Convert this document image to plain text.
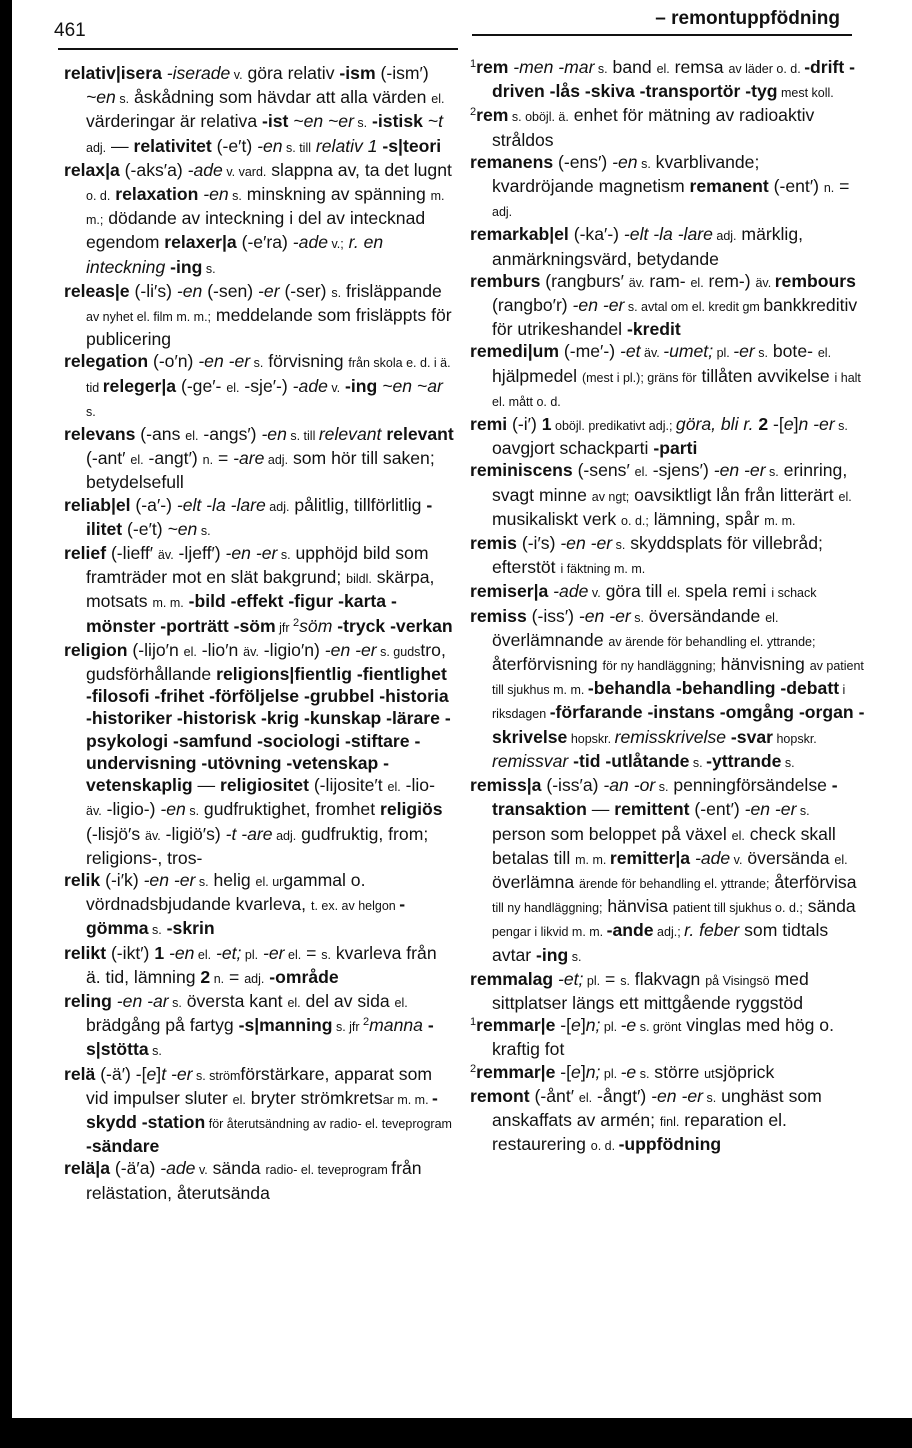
461
– remontuppfödning
relativ|isera -iserade v. göra relativ -ism (-ism′) ~en s. åskådning som hävdar att alla värden el. värderingar är relativa -ist ~en ~er s. -istisk ~t adj. — relativitet (-e′t) -en s. till relativ 1 -s|teori
relax|a (-aks′a) -ade v. vard. slappna av, ta det lugnt o. d. relaxation -en s. minskning av spänning m. m.; dödande av inteckning i del av intecknad egendom relaxer|a (-e′ra) -ade v.; r. en inteckning -ing s.
releas|e (-li′s) -en (-sen) -er (-ser) s. frisläppande av nyhet el. film m. m.; meddelande som frisläppts för publicering
relegation (-o′n) -en -er s. förvisning från skola e. d. i ä. tid releger|a (-ge′- el. -sje′-) -ade v. -ing ~en ~ar s.
relevans (-ans el. -angs′) -en s. till relevant relevant (-ant′ el. -angt′) n. = -are adj. som hör till saken; betydelsefull
reliab|el (-a′-) -elt -la -lare adj. pålitlig, tillförlitlig -ilitet (-e′t) ~en s.
relief (-lieff′ äv. -ljeff′) -en -er s. upphöjd bild som framträder mot en slät bakgrund; bildl. skärpa, motsats m. m. -bild -effekt -figur -karta -mönster -porträtt -söm jfr $^2$söm -tryck -verkan
religion (-lijo′n el. -lio′n äv. -ligio′n) -en -er s. gudstro, gudsförhållande religions|fientlig -fientlighet -filosofi -frihet -förföljelse -grubbel -historia -historiker -historisk -krig -kunskap -lärare -psykologi -samfund -sociologi -stiftare -undervisning -utövning -vetenskap -vetenskaplig — religiositet (-lijosite′t el. -lio- äv. -ligio-) -en s. gudfruktighet, fromhet religiös (-lisjö′s äv. -ligiö′s) -t -are adj. gudfruktig, from; religions-, tros-
relik (-i′k) -en -er s. helig el. urgammal o. vördnadsbjudande kvarleva, t. ex. av helgon -gömma s. -skrin
relikt (-ikt′) 1 -en el. -et; pl. -er el. = s. kvarleva från ä. tid, lämning 2 n. = adj. -område
reling -en -ar s. översta kant el. del av sida el. brädgång på fartyg -s|manning s. jfr $^2$manna -s|stötta s.
relä (-ä′) -[e]t -er s. strömförstärkare, apparat som vid impulser sluter el. bryter strömkretsar m. m. -skydd -station för återutsändning av radio- el. teveprogram -sändare
relä|a (-ä′a) -ade v. sända radio- el. teveprogram från relästation, återutsända
$^1$rem -men -mar s. band el. remsa av läder o. d. -drift -driven -lås -skiva -transportör -tyg mest koll.
$^2$rem s. oböjl. ä. enhet för mätning av radioaktiv stråldos
remanens (-ens′) -en s. kvarblivande; kvardröjande magnetism remanent (-ent′) n. = adj.
remarkab|el (-ka′-) -elt -la -lare adj. märklig, anmärkningsvärd, betydande
remburs (rangburs′ äv. ram- el. rem-) äv. rembours (rangbo′r) -en -er s. avtal om el. kredit gm bankkreditiv för utrikeshandel -kredit
remedi|um (-me′-) -et äv. -umet; pl. -er s. bote- el. hjälpmedel (mest i pl.); gräns för tillåten avvikelse i halt el. mått o. d.
remi (-i′) 1 oböjl. predikativt adj.; göra, bli r. 2 -[e]n -er s. oavgjort schackparti -parti
reminiscens (-sens′ el. -sjens′) -en -er s. erinring, svagt minne av ngt; oavsiktligt lån från litterärt el. musikaliskt verk o. d.; lämning, spår m. m.
remis (-i′s) -en -er s. skyddsplats för villebråd; efterstöt i fäktning m. m.
remiser|a -ade v. göra till el. spela remi i schack
remiss (-iss′) -en -er s. översändande el. överlämnande av ärende för behandling el. yttrande; återförvisning för ny handläggning; hänvisning av patient till sjukhus m. m. -behandla -behandling -debatt i riksdagen -förfarande -instans -omgång -organ -skrivelse hopskr. remisskrivelse -svar hopskr. remissvar -tid -utlåtande s. -yttrande s.
remiss|a (-iss′a) -an -or s. penningförsändelse -transaktion — remittent (-ent′) -en -er s. person som beloppet på växel el. check skall betalas till m. m. remitter|a -ade v. översända el. överlämna ärende för behandling el. yttrande; återförvisa till ny handläggning; hänvisa patient till sjukhus o. d.; sända pengar i likvid m. m. -ande adj.; r. feber som tidtals avtar -ing s.
remmalag -et; pl. = s. flakvagn på Visingsö med sittplatser längs ett mittgående ryggstöd
$^1$remmar|e -[e]n; pl. -e s. grönt vinglas med hög o. kraftig fot
$^2$remmar|e -[e]n; pl. -e s. större utsjöprick
remont (-ånt′ el. -ångt′) -en -er s. unghäst som anskaffats av armén; finl. reparation el. restaurering o. d. -uppfödning
